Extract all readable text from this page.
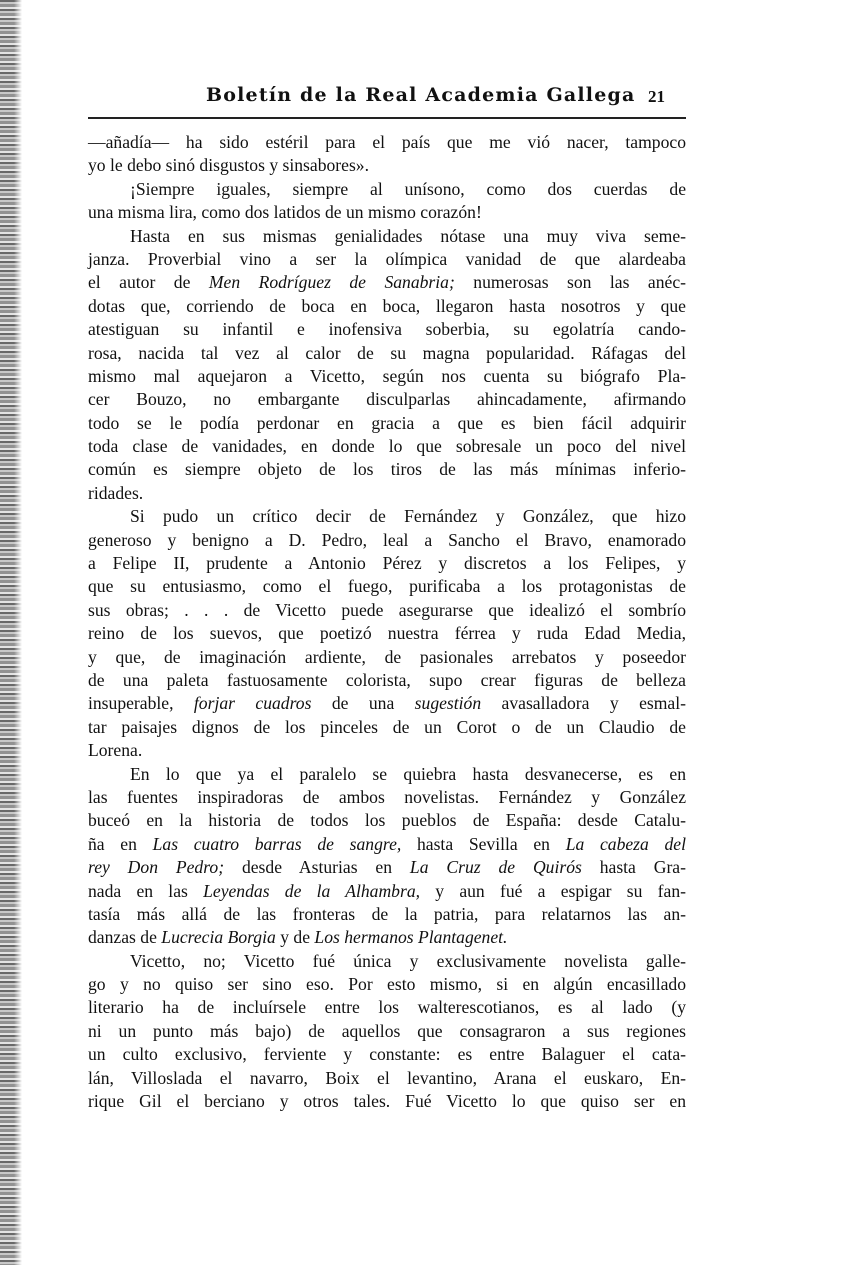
Boletín de la Real Academia Gallega 21
—añadía— ha sido estéril para el país que me vió nacer, tampoco
yo le debo sinó disgustos y sinsabores».
¡Siempre iguales, siempre al unísono, como dos cuerdas de
una misma lira, como dos latidos de un mismo corazón!
Hasta en sus mismas genialidades nótase una muy viva seme-
janza. Proverbial vino a ser la olímpica vanidad de que alardeaba
el autor de Men Rodríguez de Sanabria; numerosas son las anéc-
dotas que, corriendo de boca en boca, llegaron hasta nosotros y que
atestiguan su infantil e inofensiva soberbia, su egolatría cando-
rosa, nacida tal vez al calor de su magna popularidad. Ráfagas del
mismo mal aquejaron a Vicetto, según nos cuenta su biógrafo Pla-
cer Bouzo, no embargante disculparlas ahincadamente, afirmando
todo se le podía perdonar en gracia a que es bien fácil adquirir
toda clase de vanidades, en donde lo que sobresale un poco del nivel
común es siempre objeto de los tiros de las más mínimas inferio-
ridades.
Si pudo un crítico decir de Fernández y González, que hizo
generoso y benigno a D. Pedro, leal a Sancho el Bravo, enamorado
a Felipe II, prudente a Antonio Pérez y discretos a los Felipes, y
que su entusiasmo, como el fuego, purificaba a los protagonistas de
sus obras; . . . de Vicetto puede asegurarse que idealizó el sombrío
reino de los suevos, que poetizó nuestra férrea y ruda Edad Media,
y que, de imaginación ardiente, de pasionales arrebatos y poseedor
de una paleta fastuosamente colorista, supo crear figuras de belleza
insuperable, forjar cuadros de una sugestión avasalladora y esmal-
tar paisajes dignos de los pinceles de un Corot o de un Claudio de
Lorena.
En lo que ya el paralelo se quiebra hasta desvanecerse, es en
las fuentes inspiradoras de ambos novelistas. Fernández y González
buceó en la historia de todos los pueblos de España: desde Catalu-
ña en Las cuatro barras de sangre, hasta Sevilla en La cabeza del
rey Don Pedro; desde Asturias en La Cruz de Quirós hasta Gra-
nada en las Leyendas de la Alhambra, y aun fué a espigar su fan-
tasía más allá de las fronteras de la patria, para relatarnos las an-
danzas de Lucrecia Borgia y de Los hermanos Plantagenet.
Vicetto, no; Vicetto fué única y exclusivamente novelista galle-
go y no quiso ser sino eso. Por esto mismo, si en algún encasillado
literario ha de incluírsele entre los walterescotianos, es al lado (y
ni un punto más bajo) de aquellos que consagraron a sus regiones
un culto exclusivo, ferviente y constante: es entre Balaguer el cata-
lán, Villoslada el navarro, Boix el levantino, Arana el euskaro, En-
rique Gil el berciano y otros tales. Fué Vicetto lo que quiso ser en
